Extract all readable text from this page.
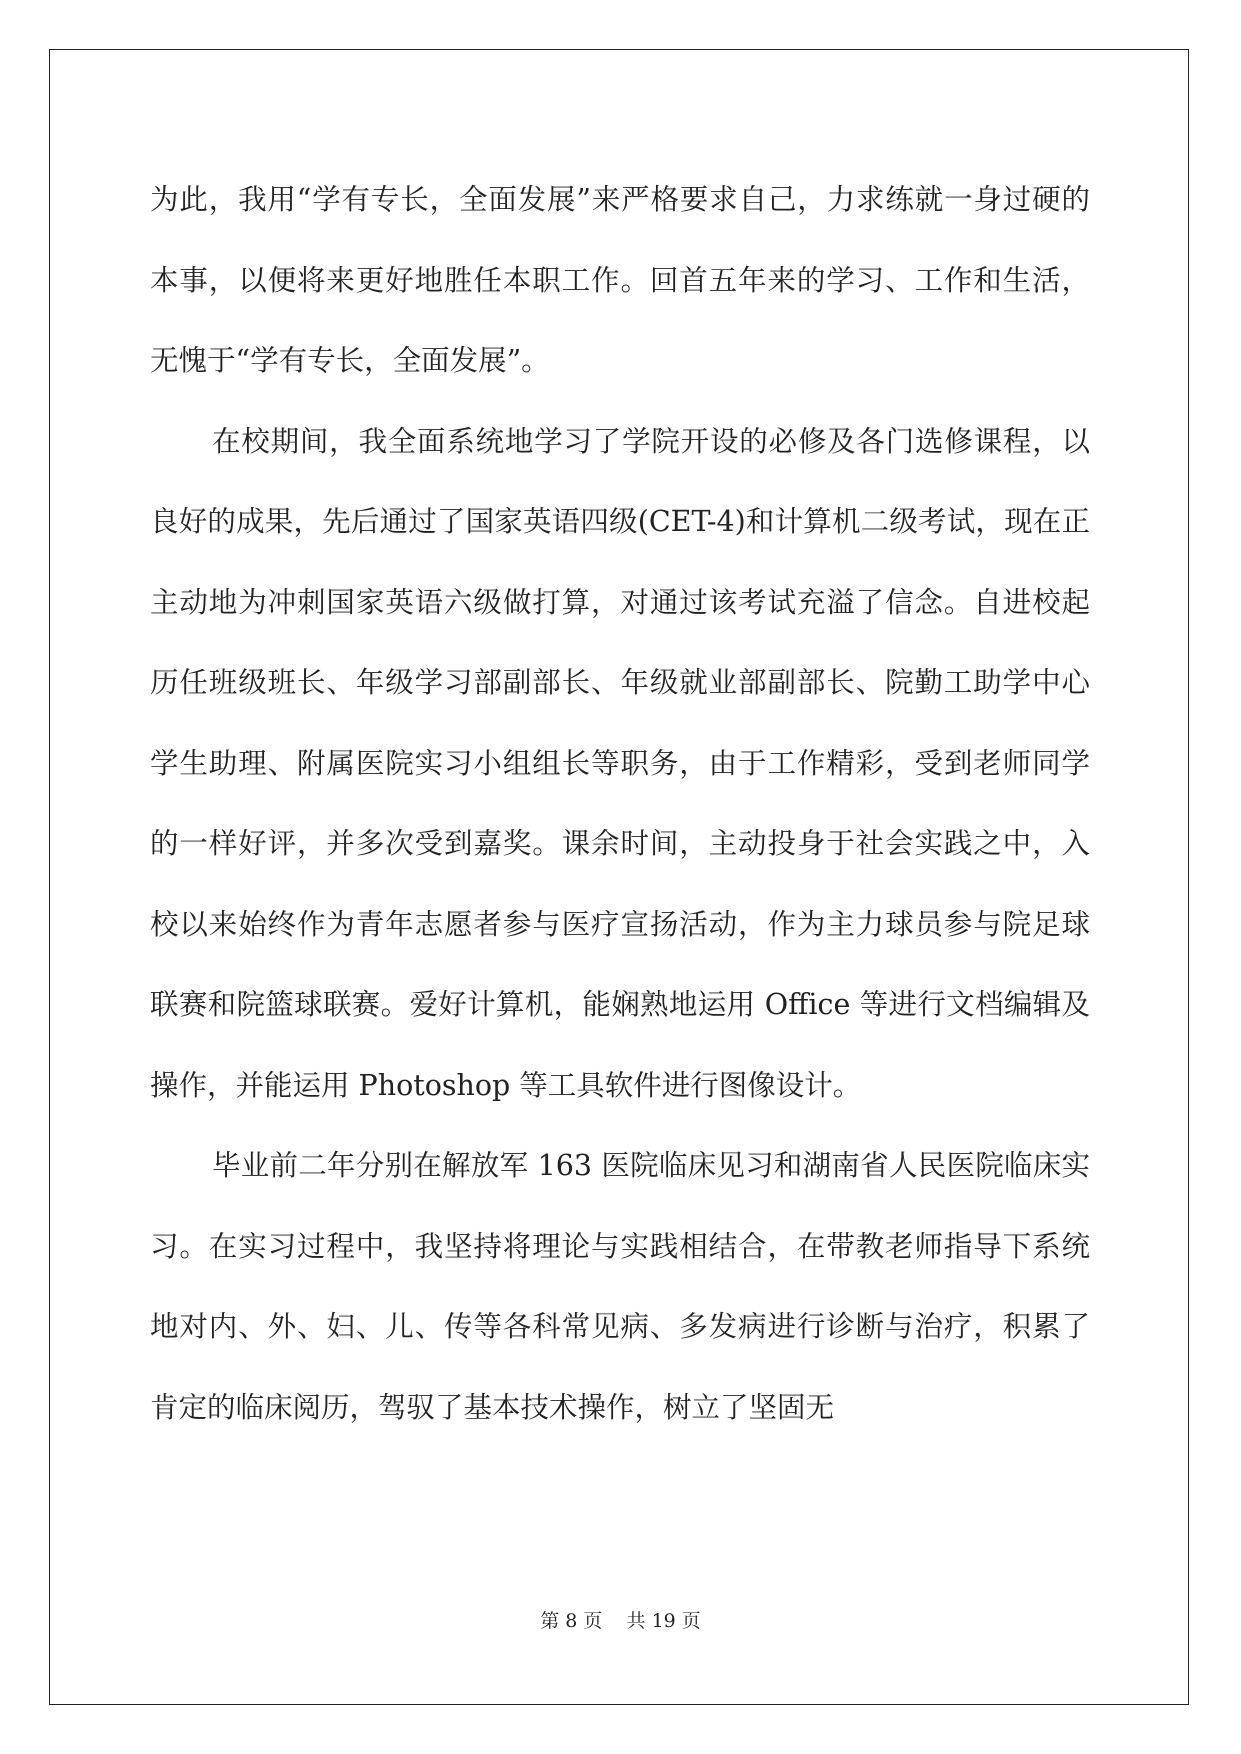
为此，我用“学有专长，全面发展”来严格要求自己，力求练就一身过硬的本事，以便将来更好地胜任本职工作。回首五年来的学习、工作和生活，无愧于“学有专长，全面发展”。

在校期间，我全面系统地学习了学院开设的必修及各门选修课程，以良好的成果，先后通过了国家英语四级(CET-4)和计算机二级考试，现在正主动地为冲刺国家英语六级做打算，对通过该考试充溢了信念。自进校起历任班级班长、年级学习部副部长、年级就业部副部长、院勤工助学中心学生助理、附属医院实习小组组长等职务，由于工作精彩，受到老师同学的一样好评，并多次受到嘉奖。课余时间，主动投身于社会实践之中，入校以来始终作为青年志愿者参与医疗宣扬活动，作为主力球员参与院足球联赛和院篮球联赛。爱好计算机，能娴熟地运用 Office 等进行文档编辑及操作，并能运用 Photoshop 等工具软件进行图像设计。

毕业前二年分别在解放军 163 医院临床见习和湖南省人民医院临床实习。在实习过程中，我坚持将理论与实践相结合，在带教老师指导下系统地对内、外、妇、儿、传等各科常见病、多发病进行诊断与治疗，积累了肯定的临床阅历，驾驭了基本技术操作，树立了坚固无

第 8 页    共 19 页
